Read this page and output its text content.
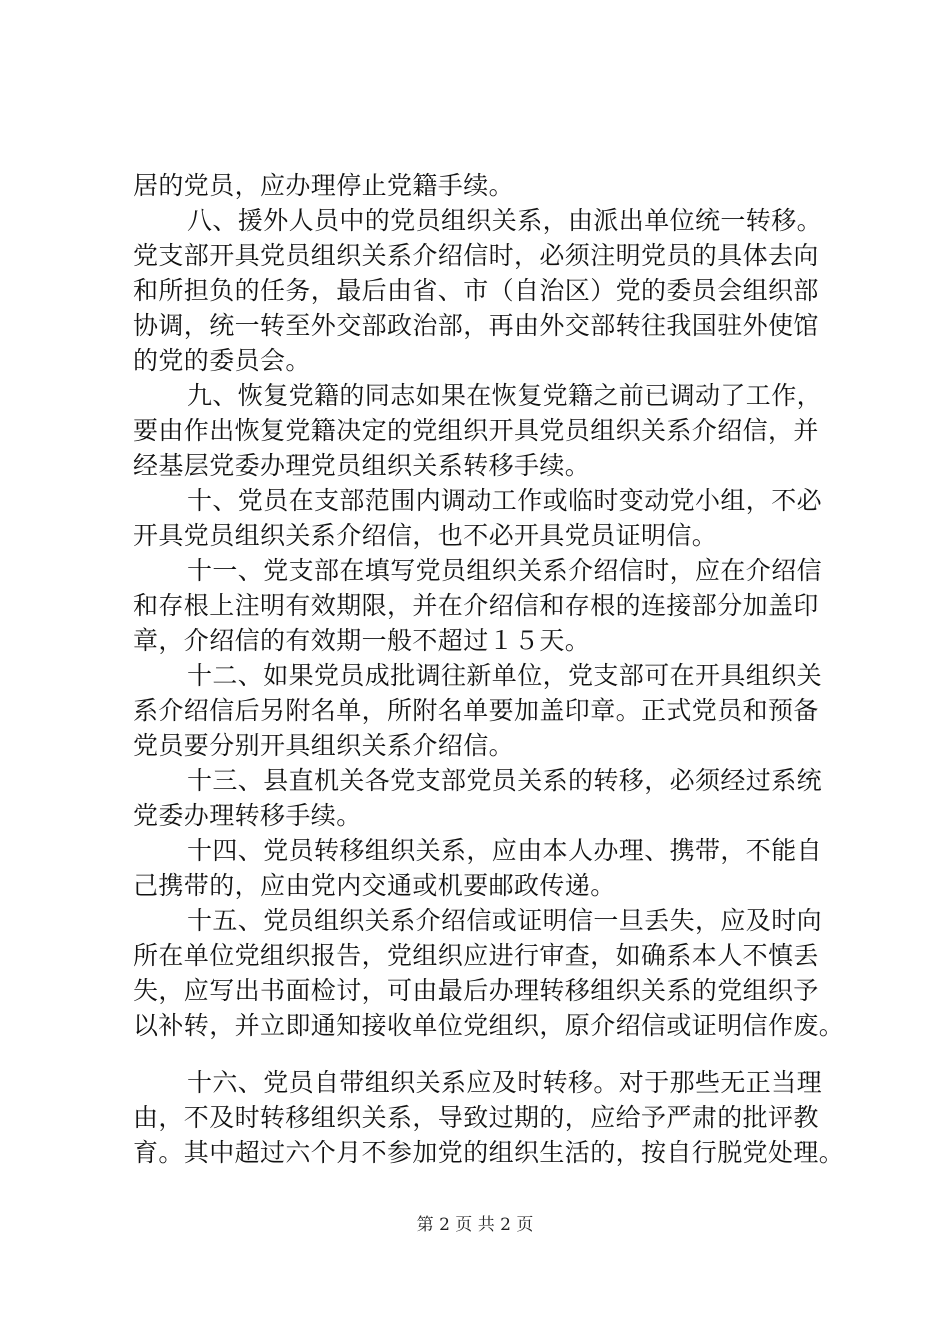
居的党员，应办理停止党籍手续。
八、援外人员中的党员组织关系，由派出单位统一转移。
党支部开具党员组织关系介绍信时，必须注明党员的具体去向
和所担负的任务，最后由省、市（自治区）党的委员会组织部
协调，统一转至外交部政治部，再由外交部转往我国驻外使馆
的党的委员会。
九、恢复党籍的同志如果在恢复党籍之前已调动了工作，
要由作出恢复党籍决定的党组织开具党员组织关系介绍信，并
经基层党委办理党员组织关系转移手续。
十、党员在支部范围内调动工作或临时变动党小组，不必
开具党员组织关系介绍信，也不必开具党员证明信。
十一、党支部在填写党员组织关系介绍信时，应在介绍信
和存根上注明有效期限，并在介绍信和存根的连接部分加盖印
章，介绍信的有效期一般不超过１５天。
十二、如果党员成批调往新单位，党支部可在开具组织关
系介绍信后另附名单，所附名单要加盖印章。正式党员和预备
党员要分别开具组织关系介绍信。
十三、县直机关各党支部党员关系的转移，必须经过系统
党委办理转移手续。
十四、党员转移组织关系，应由本人办理、携带，不能自
己携带的，应由党内交通或机要邮政传递。
十五、党员组织关系介绍信或证明信一旦丢失，应及时向
所在单位党组织报告，党组织应进行审查，如确系本人不慎丢
失，应写出书面检讨，可由最后办理转移组织关系的党组织予
以补转，并立即通知接收单位党组织，原介绍信或证明信作废。
十六、党员自带组织关系应及时转移。对于那些无正当理
由，不及时转移组织关系，导致过期的，应给予严肃的批评教
育。其中超过六个月不参加党的组织生活的，按自行脱党处理。
第 2 页 共 2 页
